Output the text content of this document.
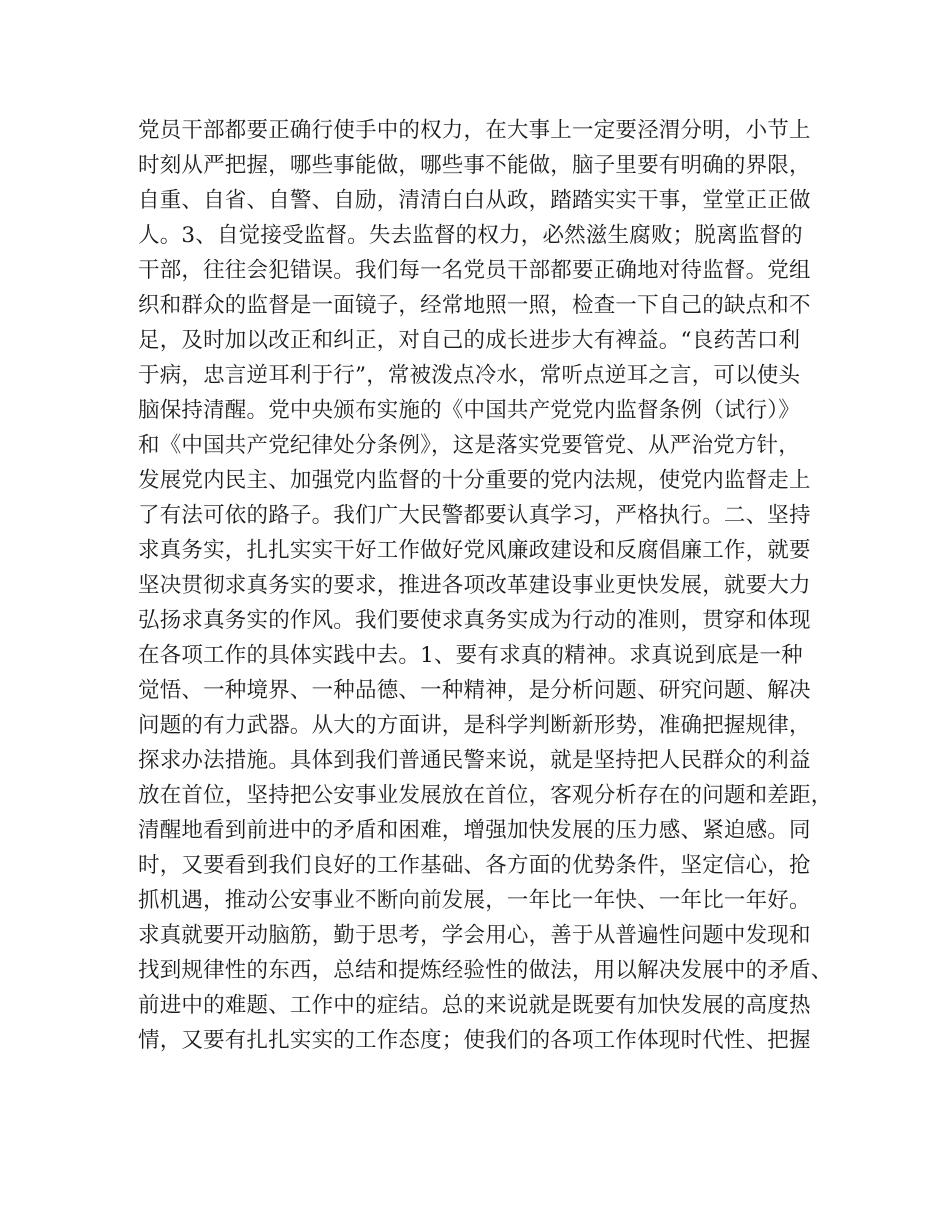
党员干部都要正确行使手中的权力，在大事上一定要泾渭分明，小节上
时刻从严把握，哪些事能做，哪些事不能做，脑子里要有明确的界限，
自重、自省、自警、自励，清清白白从政，踏踏实实干事，堂堂正正做
人。3、自觉接受监督。失去监督的权力，必然滋生腐败；脱离监督的
干部，往往会犯错误。我们每一名党员干部都要正确地对待监督。党组
织和群众的监督是一面镜子，经常地照一照，检查一下自己的缺点和不
足，及时加以改正和纠正，对自己的成长进步大有裨益。“良药苦口利
于病，忠言逆耳利于行”，常被泼点冷水，常听点逆耳之言，可以使头
脑保持清醒。党中央颁布实施的《中国共产党党内监督条例（试行）》
和《中国共产党纪律处分条例》，这是落实党要管党、从严治党方针，
发展党内民主、加强党内监督的十分重要的党内法规，使党内监督走上
了有法可依的路子。我们广大民警都要认真学习，严格执行。二、坚持
求真务实，扎扎实实干好工作做好党风廉政建设和反腐倡廉工作，就要
坚决贯彻求真务实的要求，推进各项改革建设事业更快发展，就要大力
弘扬求真务实的作风。我们要使求真务实成为行动的准则，贯穿和体现
在各项工作的具体实践中去。1、要有求真的精神。求真说到底是一种
觉悟、一种境界、一种品德、一种精神，是分析问题、研究问题、解决
问题的有力武器。从大的方面讲，是科学判断新形势，准确把握规律，
探求办法措施。具体到我们普通民警来说，就是坚持把人民群众的利益
放在首位，坚持把公安事业发展放在首位，客观分析存在的问题和差距，
清醒地看到前进中的矛盾和困难，增强加快发展的压力感、紧迫感。同
时，又要看到我们良好的工作基础、各方面的优势条件，坚定信心，抢
抓机遇，推动公安事业不断向前发展，一年比一年快、一年比一年好。
求真就要开动脑筋，勤于思考，学会用心，善于从普遍性问题中发现和
找到规律性的东西，总结和提炼经验性的做法，用以解决发展中的矛盾、
前进中的难题、工作中的症结。总的来说就是既要有加快发展的高度热
情，又要有扎扎实实的工作态度；使我们的各项工作体现时代性、把握
